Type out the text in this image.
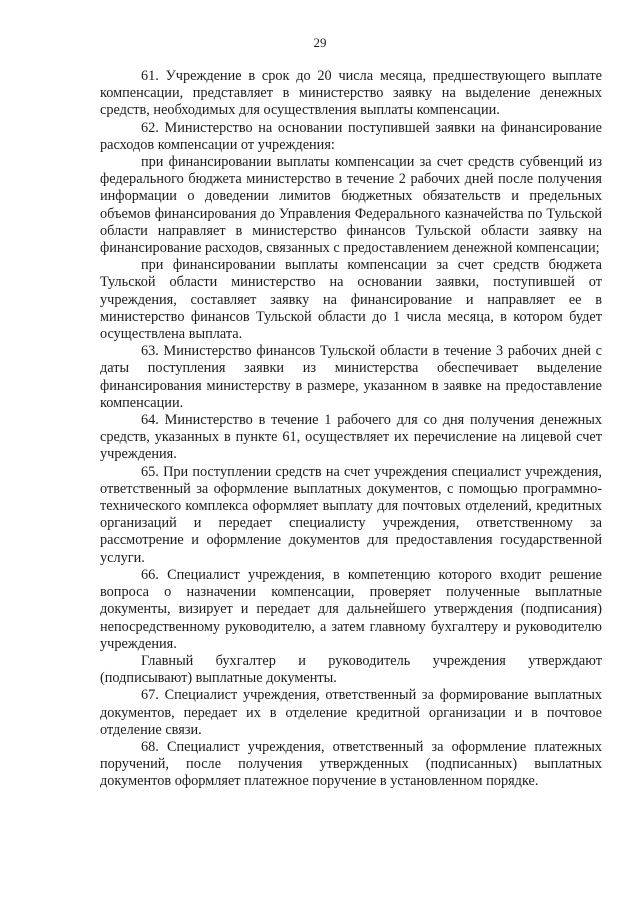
29

61. Учреждение в срок до 20 числа месяца, предшествующего выплате компенсации, представляет в министерство заявку на выделение денежных средств, необходимых для осуществления выплаты компенсации.

62. Министерство на основании поступившей заявки на финансирование расходов компенсации от учреждения:

при финансировании выплаты компенсации за счет средств субвенций из федерального бюджета министерство в течение 2 рабочих дней после получения информации о доведении лимитов бюджетных обязательств и предельных объемов финансирования до Управления Федерального казначейства по Тульской области направляет в министерство финансов Тульской области заявку на финансирование расходов, связанных с предоставлением денежной компенсации;

при финансировании выплаты компенсации за счет средств бюджета Тульской области министерство на основании заявки, поступившей от учреждения, составляет заявку на финансирование и направляет ее в министерство финансов Тульской области до 1 числа месяца, в котором будет осуществлена выплата.

63. Министерство финансов Тульской области в течение 3 рабочих дней с даты поступления заявки из министерства обеспечивает выделение финансирования министерству в размере, указанном в заявке на предоставление компенсации.

64. Министерство в течение 1 рабочего для со дня получения денежных средств, указанных в пункте 61, осуществляет их перечисление на лицевой счет учреждения.

65. При поступлении средств на счет учреждения специалист учреждения, ответственный за оформление выплатных документов, с помощью программно-технического комплекса оформляет выплату для почтовых отделений, кредитных организаций и передает специалисту учреждения, ответственному за рассмотрение и оформление документов для предоставления государственной услуги.

66. Специалист учреждения, в компетенцию которого входит решение вопроса о назначении компенсации, проверяет полученные выплатные документы, визирует и передает для дальнейшего утверждения (подписания) непосредственному руководителю, а затем главному бухгалтеру и руководителю учреждения.

Главный бухгалтер и руководитель учреждения утверждают (подписывают) выплатные документы.

67. Специалист учреждения, ответственный за формирование выплатных документов, передает их в отделение кредитной организации и в почтовое отделение связи.

68. Специалист учреждения, ответственный за оформление платежных поручений, после получения утвержденных (подписанных) выплатных документов оформляет платежное поручение в установленном порядке.
